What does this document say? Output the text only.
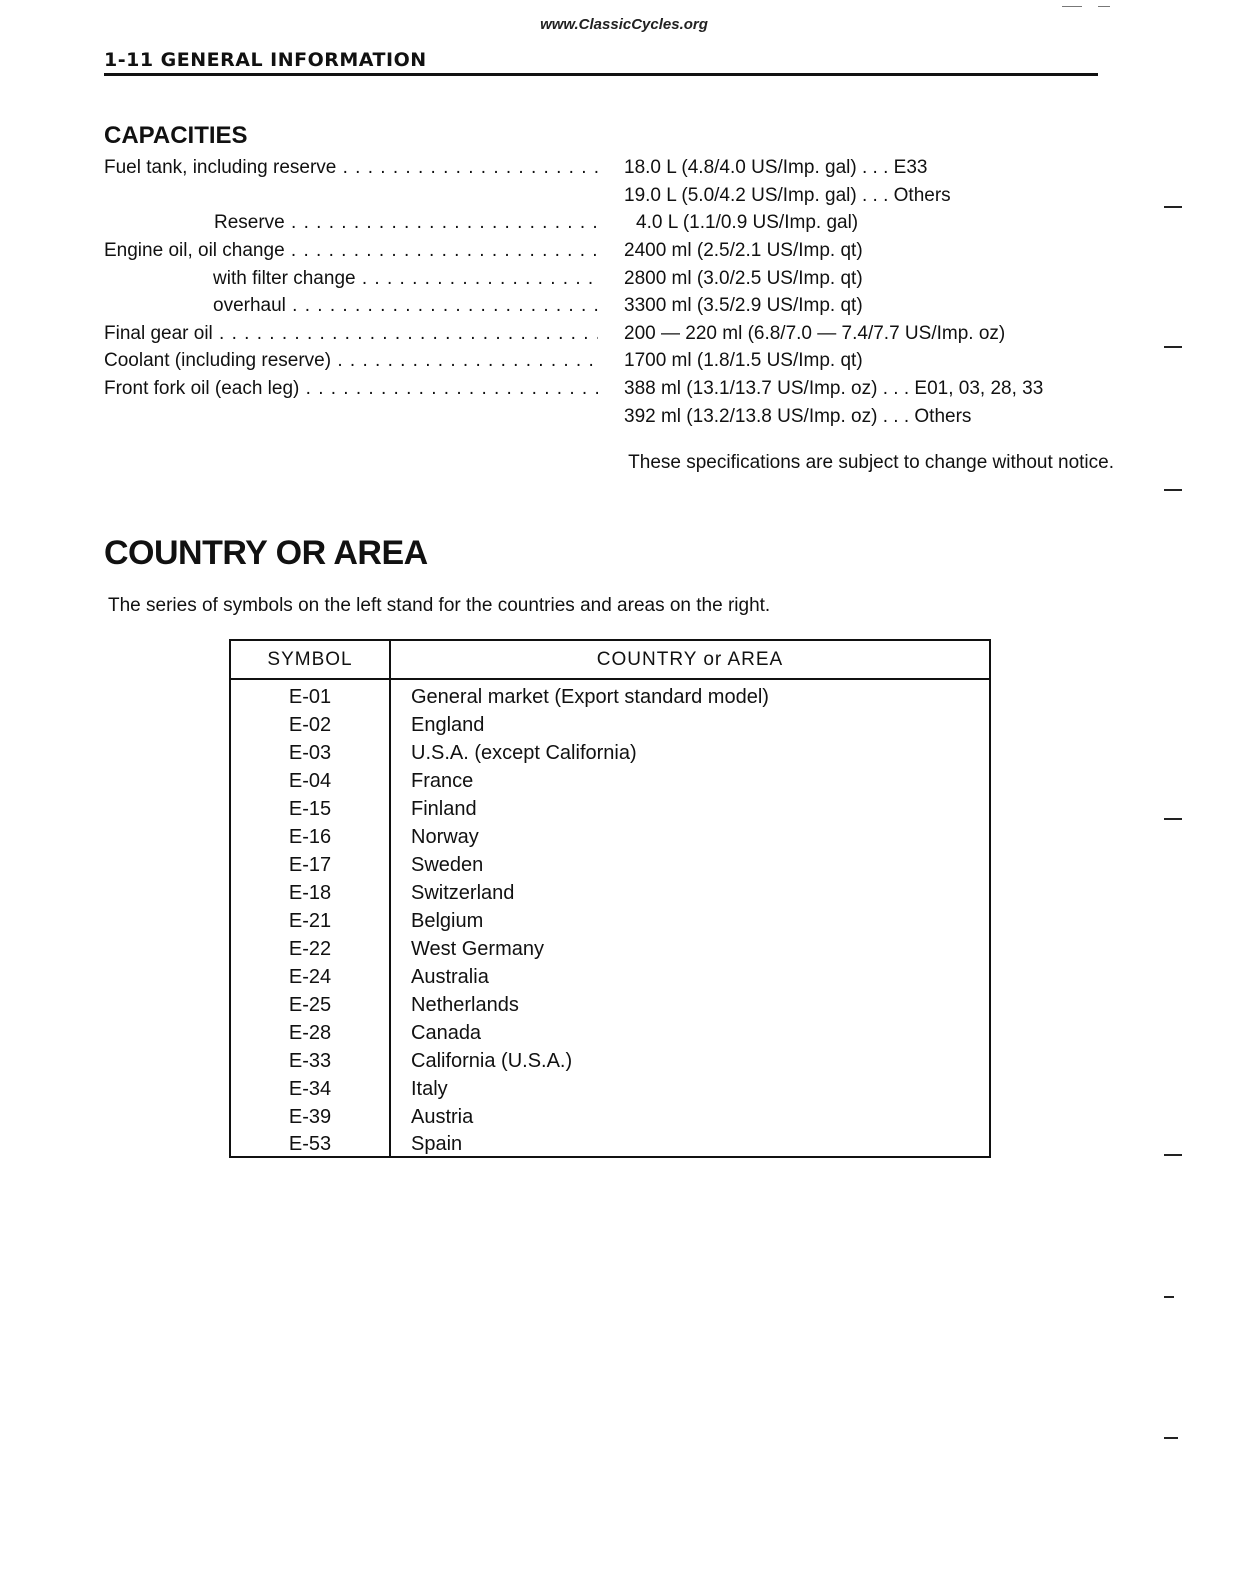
www.ClassicCycles.org
1-11 GENERAL INFORMATION
CAPACITIES
Fuel tank, including reserve . . .	18.0 L (4.8/4.0 US/Imp. gal) . . . E33
19.0 L (5.0/4.2 US/Imp. gal) . . . Others
Reserve . . .	4.0 L (1.1/0.9 US/Imp. gal)
Engine oil, oil change . . .	2400 ml (2.5/2.1 US/Imp. qt)
with filter change . . .	2800 ml (3.0/2.5 US/Imp. qt)
overhaul . . .	3300 ml (3.5/2.9 US/Imp. qt)
Final gear oil . . .	200 — 220 ml (6.8/7.0 — 7.4/7.7 US/Imp. oz)
Coolant (including reserve) . . .	1700 ml (1.8/1.5 US/Imp. qt)
Front fork oil (each leg) . . .	388 ml (13.1/13.7 US/Imp. oz) . . . E01, 03, 28, 33
392 ml (13.2/13.8 US/Imp. oz) . . . Others
These specifications are subject to change without notice.
COUNTRY OR AREA
The series of symbols on the left stand for the countries and areas on the right.
SYMBOL	COUNTRY or AREA
E-01	General market (Export standard model)
E-02	England
E-03	U.S.A. (except California)
E-04	France
E-15	Finland
E-16	Norway
E-17	Sweden
E-18	Switzerland
E-21	Belgium
E-22	West Germany
E-24	Australia
E-25	Netherlands
E-28	Canada
E-33	California (U.S.A.)
E-34	Italy
E-39	Austria
E-53	Spain
